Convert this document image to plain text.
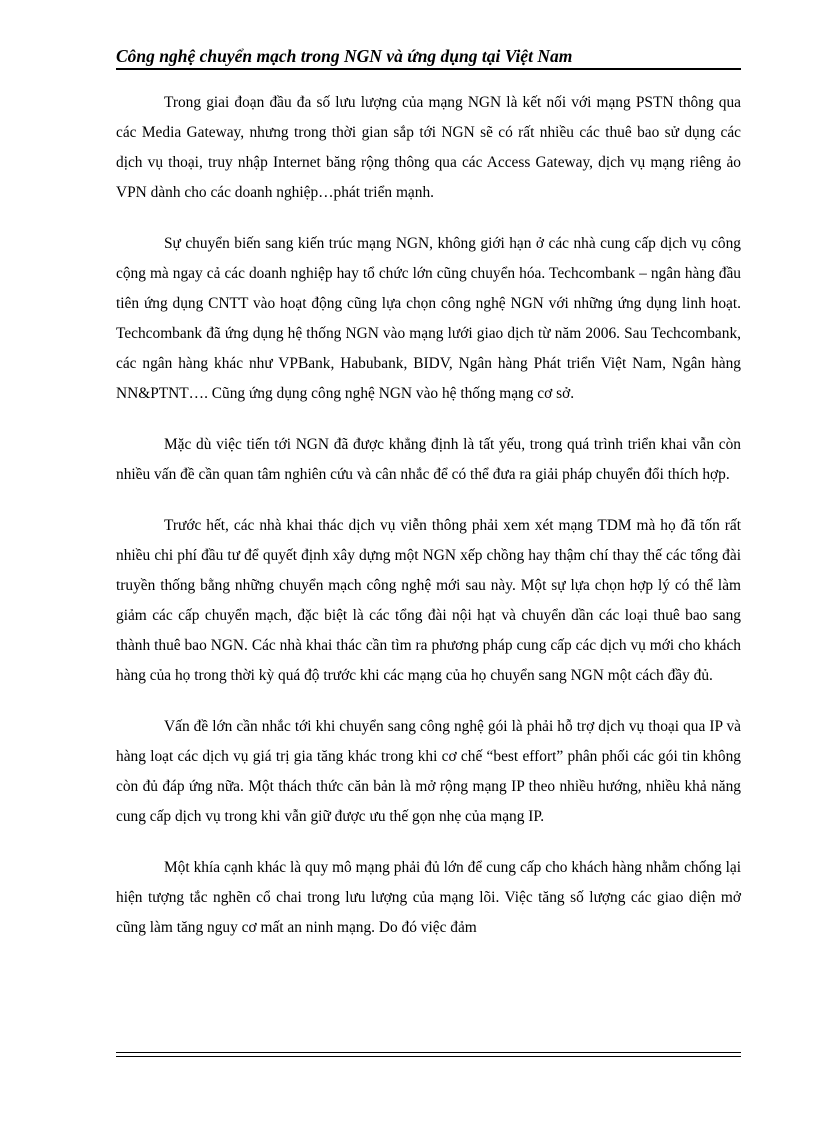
Công nghệ chuyển mạch trong NGN và ứng dụng tại Việt Nam

Trong giai đoạn đầu đa số lưu lượng của mạng NGN là kết nối với mạng PSTN thông qua các Media Gateway, nhưng trong thời gian sắp tới NGN sẽ có rất nhiều các thuê bao sử dụng các dịch vụ thoại, truy nhập Internet băng rộng thông qua các Access Gateway, dịch vụ mạng riêng ảo VPN dành cho các doanh nghiệp…phát triển mạnh.

Sự chuyển biến sang kiến trúc mạng NGN, không giới hạn ở các nhà cung cấp dịch vụ công cộng mà ngay cả các doanh nghiệp hay tổ chức lớn cũng chuyển hóa. Techcombank – ngân hàng đầu tiên ứng dụng CNTT vào hoạt động cũng lựa chọn công nghệ NGN với những ứng dụng linh hoạt. Techcombank đã ứng dụng hệ thống NGN vào mạng lưới giao dịch từ năm 2006. Sau Techcombank, các ngân hàng khác như VPBank, Habubank, BIDV, Ngân hàng Phát triển Việt Nam, Ngân hàng NN&PTNT…. Cũng ứng dụng công nghệ NGN vào hệ thống mạng cơ sở.

Mặc dù việc tiến tới NGN đã được khẳng định là tất yếu, trong quá trình triển khai vẫn còn nhiều vấn đề cần quan tâm nghiên cứu và cân nhắc để có thể đưa ra giải pháp chuyển đổi thích hợp.

Trước hết, các nhà khai thác dịch vụ viễn thông phải xem xét mạng TDM mà họ đã tốn rất nhiều chi phí đầu tư để quyết định xây dựng một NGN xếp chồng hay thậm chí thay thế các tổng đài truyền thống bằng những chuyển mạch công nghệ mới sau này. Một sự lựa chọn hợp lý có thể làm giảm các cấp chuyển mạch, đặc biệt là các tổng đài nội hạt và chuyển dần các loại thuê bao sang thành thuê bao NGN. Các nhà khai thác cần tìm ra phương pháp cung cấp các dịch vụ mới cho khách hàng của họ trong thời kỳ quá độ trước khi các mạng của họ chuyển sang NGN một cách đầy đủ.

Vấn đề lớn cần nhắc tới khi chuyển sang công nghệ gói là phải hỗ trợ dịch vụ thoại qua IP và hàng loạt các dịch vụ giá trị gia tăng khác trong khi cơ chế “best effort” phân phối các gói tin không còn đủ đáp ứng nữa. Một thách thức căn bản là mở rộng mạng IP theo nhiều hướng, nhiều khả năng cung cấp dịch vụ trong khi vẫn giữ được ưu thế gọn nhẹ của mạng IP.

Một khía cạnh khác là quy mô mạng phải đủ lớn để cung cấp cho khách hàng nhằm chống lại hiện tượng tắc nghẽn cổ chai trong lưu lượng của mạng lõi. Việc tăng số lượng các giao diện mở cũng làm tăng nguy cơ mất an ninh mạng. Do đó việc đảm
